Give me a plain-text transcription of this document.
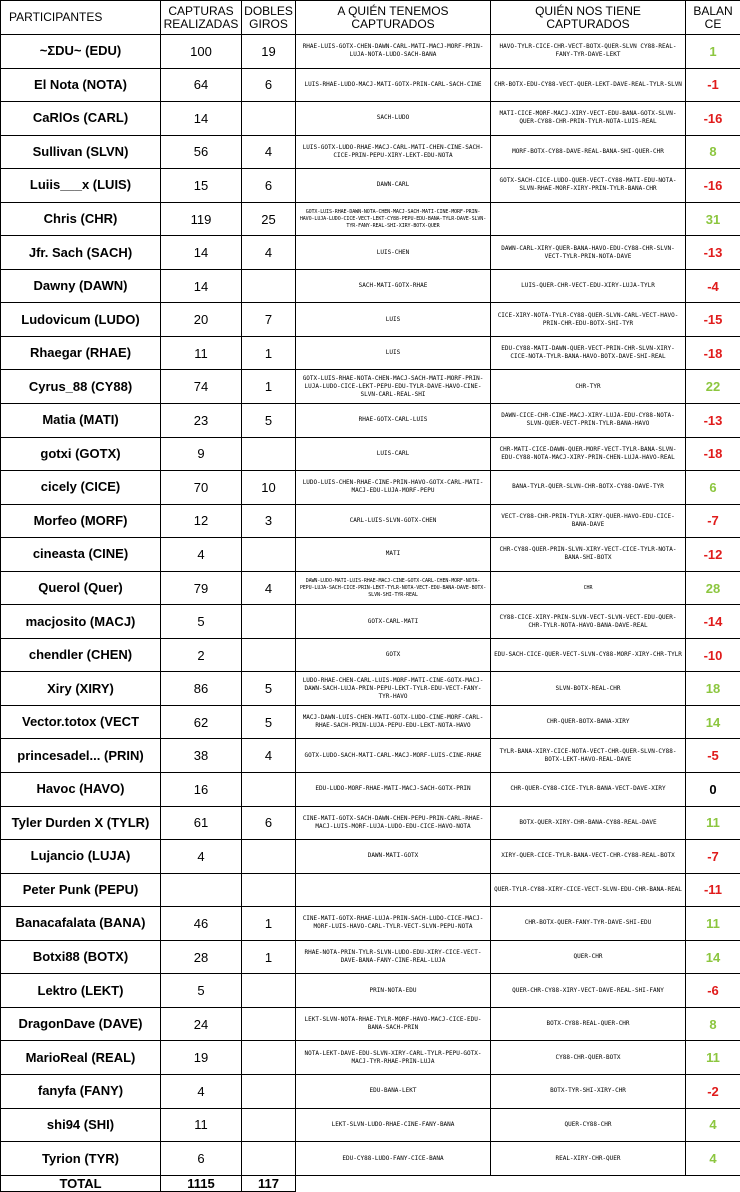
PARTICIPANTES	CAPTURAS REALIZADAS	DOBLES GIROS	A QUIÉN TENEMOS CAPTURADOS	QUIÉN NOS TIENE CAPTURADOS	BALAN CE
~ΣDU~ (EDU)	100	19	RHAE-LUIS-GOTX-CHEN-DAWN-CARL-MATI-MACJ-MORF-PRIN-LUJA-NOTA-LUDO-SACH-BANA	HAVO-TYLR-CICE-CHR-VECT-BOTX-QUER-SLVN CY88-REAL-FANY-TYR-DAVE-LEKT	1
El Nota (NOTA)	64	6	LUIS-RHAE-LUDO-MACJ-MATI-GOTX-PRIN-CARL-SACH-CINE	CHR-BOTX-EDU-CY88-VECT-QUER-LEKT-DAVE-REAL-TYLR-SLVN	-1
CaRlOs (CARL)	14		SACH-LUDO	MATI-CICE-MORF-MACJ-XIRY-VECT-EDU-BANA-GOTX-SLVN-QUER-CY88-CHR-PRIN-TYLR-NOTA-LUIS-REAL	-16
Sullivan (SLVN)	56	4	LUIS-GOTX-LUDO-RHAE-MACJ-CARL-MATI-CHEN-CINE-SACH-CICE-PRIN-PEPU-XIRY-LEKT-EDU-NOTA	MORF-BOTX-CY88-DAVE-REAL-BANA-SHI-QUER-CHR	8
Luiis___x (LUIS)	15	6	DAWN-CARL	GOTX-SACH-CICE-LUDO-QUER-VECT-CY88-MATI-EDU-NOTA-SLVN-RHAE-MORF-XIRY-PRIN-TYLR-BANA-CHR	-16
Chris (CHR)	119	25	GOTX-LUIS-RHAE-DAWN-NOTA-CHEN-MACJ-SACH-MATI-CINE-MORF-PRIN-HAVO-LUJA-LUDO-CICE-VECT-LEKT-CY88-PEPU-EDU-BANA-TYLR-DAVE-SLVN-TYR-FANY-REAL-SHI-XIRY-BOTX-QUER		31
Jfr. Sach (SACH)	14	4	LUIS-CHEN	DAWN-CARL-XIRY-QUER-BANA-HAVO-EDU-CY88-CHR-SLVN-VECT-TYLR-PRIN-NOTA-DAVE	-13
Dawny (DAWN)	14		SACH-MATI-GOTX-RHAE	LUIS-QUER-CHR-VECT-EDU-XIRY-LUJA-TYLR	-4
Ludovicum (LUDO)	20	7	LUIS	CICE-XIRY-NOTA-TYLR-CY88-QUER-SLVN-CARL-VECT-HAVO-PRIN-CHR-EDU-BOTX-SHI-TYR	-15
Rhaegar (RHAE)	11	1	LUIS	EDU-CY88-MATI-DAWN-QUER-VECT-PRIN-CHR-SLVN-XIRY-CICE-NOTA-TYLR-BANA-HAVO-BOTX-DAVE-SHI-REAL	-18
Cyrus_88 (CY88)	74	1	GOTX-LUIS-RHAE-NOTA-CHEN-MACJ-SACH-MATI-MORF-PRIN-LUJA-LUDO-CICE-LEKT-PEPU-EDU-TYLR-DAVE-HAVO-CINE-SLVN-CARL-REAL-SHI	CHR-TYR	22
Matia (MATI)	23	5	RHAE-GOTX-CARL-LUIS	DAWN-CICE-CHR-CINE-MACJ-XIRY-LUJA-EDU-CY88-NOTA-SLVN-QUER-VECT-PRIN-TYLR-BANA-HAVO	-13
gotxi (GOTX)	9		LUIS-CARL	CHR-MATI-CICE-DAWN-QUER-MORF-VECT-TYLR-BANA-SLVN-EDU-CY88-NOTA-MACJ-XIRY-PRIN-CHEN-LUJA-HAVO-REAL	-18
cicely (CICE)	70	10	LUDO-LUIS-CHEN-RHAE-CINE-PRIN-HAVO-GOTX-CARL-MATI-MACJ-EDU-LUJA-MORF-PEPU	BANA-TYLR-QUER-SLVN-CHR-BOTX-CY88-DAVE-TYR	6
Morfeo (MORF)	12	3	CARL-LUIS-SLVN-GOTX-CHEN	VECT-CY88-CHR-PRIN-TYLR-XIRY-QUER-HAVO-EDU-CICE-BANA-DAVE	-7
cineasta (CINE)	4		MATI	CHR-CY88-QUER-PRIN-SLVN-XIRY-VECT-CICE-TYLR-NOTA-BANA-SHI-BOTX	-12
Querol (Quer)	79	4	DAWN-LUDO-MATI-LUIS-RHAE-MACJ-CINE-GOTX-CARL-CHEN-MORF-NOTA-PEPU-LUJA-SACH-CICE-PRIN-LEKT-TYLR-NOTA-VECT-EDU-BANA-DAVE-BOTX-SLVN-SHI-TYR-REAL	CHR	28
macjosito (MACJ)	5		GOTX-CARL-MATI	CY88-CICE-XIRY-PRIN-SLVN-VECT-SLVN-VECT-EDU-QUER-CHR-TYLR-NOTA-HAVO-BANA-DAVE-REAL	-14
chendler (CHEN)	2		GOTX	EDU-SACH-CICE-QUER-VECT-SLVN-CY88-MORF-XIRY-CHR-TYLR	-10
Xiry (XIRY)	86	5	LUDO-RHAE-CHEN-CARL-LUIS-MORF-MATI-CINE-GOTX-MACJ-DAWN-SACH-LUJA-PRIN-PEPU-LEKT-TYLR-EDU-VECT-FANY-TYR-HAVO	SLVN-BOTX-REAL-CHR	18
Vector.totox (VECT	62	5	MACJ-DAWN-LUIS-CHEN-MATI-GOTX-LUDO-CINE-MORF-CARL-RHAE-SACH-PRIN-LUJA-PEPU-EDU-LEKT-NOTA-HAVO	CHR-QUER-BOTX-BANA-XIRY	14
princesadel... (PRIN)	38	4	GOTX-LUDO-SACH-MATI-CARL-MACJ-MORF-LUIS-CINE-RHAE	TYLR-BANA-XIRY-CICE-NOTA-VECT-CHR-QUER-SLVN-CY88-BOTX-LEKT-HAVO-REAL-DAVE	-5
Havoc (HAVO)	16		EDU-LUDO-MORF-RHAE-MATI-MACJ-SACH-GOTX-PRIN	CHR-QUER-CY88-CICE-TYLR-BANA-VECT-DAVE-XIRY	0
Tyler Durden X (TYLR)	61	6	CINE-MATI-GOTX-SACH-DAWN-CHEN-PEPU-PRIN-CARL-RHAE-MACJ-LUIS-MORF-LUJA-LUDO-EDU-CICE-HAVO-NOTA	BOTX-QUER-XIRY-CHR-BANA-CY88-REAL-DAVE	11
Lujancio (LUJA)	4		DAWN-MATI-GOTX	XIRY-QUER-CICE-TYLR-BANA-VECT-CHR-CY88-REAL-BOTX	-7
Peter Punk (PEPU)				QUER-TYLR-CY88-XIRY-CICE-VECT-SLVN-EDU-CHR-BANA-REAL	-11
Banacafalata (BANA)	46	1	CINE-MATI-GOTX-RHAE-LUJA-PRIN-SACH-LUDO-CICE-MACJ-MORF-LUIS-HAVO-CARL-TYLR-VECT-SLVN-PEPU-NOTA	CHR-BOTX-QUER-FANY-TYR-DAVE-SHI-EDU	11
Botxi88 (BOTX)	28	1	RHAE-NOTA-PRIN-TYLR-SLVN-LUDO-EDU-XIRY-CICE-VECT-DAVE-BANA-FANY-CINE-REAL-LUJA	QUER-CHR	14
Lektro (LEKT)	5		PRIN-NOTA-EDU	QUER-CHR-CY88-XIRY-VECT-DAVE-REAL-SHI-FANY	-6
DragonDave (DAVE)	24		LEKT-SLVN-NOTA-RHAE-TYLR-MORF-HAVO-MACJ-CICE-EDU-BANA-SACH-PRIN	BOTX-CY88-REAL-QUER-CHR	8
MarioReal (REAL)	19		NOTA-LEKT-DAVE-EDU-SLVN-XIRY-CARL-TYLR-PEPU-GOTX-MACJ-TYR-RHAE-PRIN-LUJA	CY88-CHR-QUER-BOTX	11
fanyfa (FANY)	4		EDU-BANA-LEKT	BOTX-TYR-SHI-XIRY-CHR	-2
shi94 (SHI)	11		LEKT-SLVN-LUDO-RHAE-CINE-FANY-BANA	QUER-CY88-CHR	4
Tyrion (TYR)	6		EDU-CY88-LUDO-FANY-CICE-BANA	REAL-XIRY-CHR-QUER	4
TOTAL	1115	117			
